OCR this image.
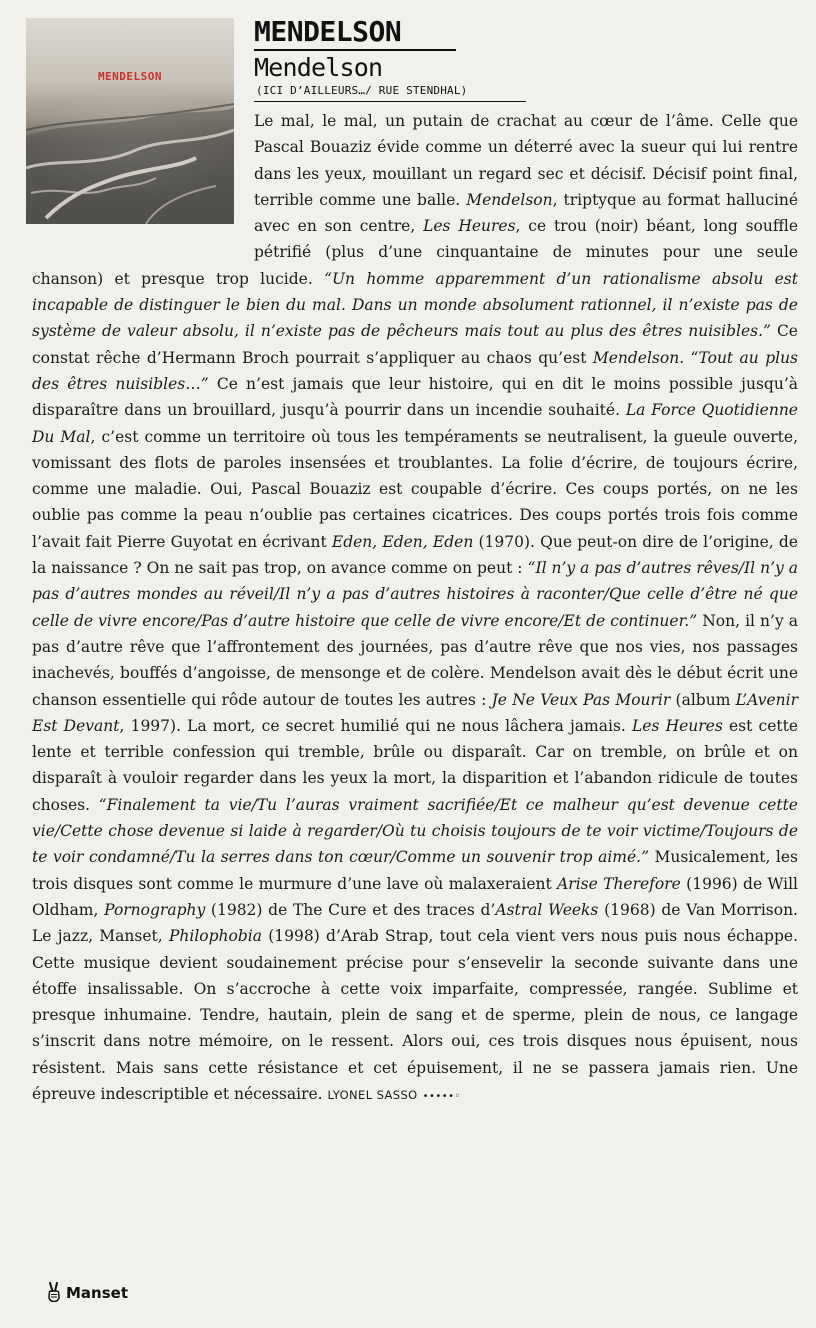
MENDELSON
MENDELSON
Mendelson
(ICI D’AILLEURS…/ RUE STENDHAL)
Le mal, le mal, un putain de crachat au cœur de l’âme. Celle que Pascal Bouaziz évide comme un déterré avec la sueur qui lui rentre dans les yeux, mouillant un regard sec et décisif. Décisif point final, terrible comme une balle. Mendelson, triptyque au format halluciné avec en son centre, Les Heures, ce trou (noir) béant, long souffle pétrifié (plus d’une cinquantaine de minutes pour une seule chanson) et presque trop lucide. “Un homme apparemment d’un rationalisme absolu est incapable de distinguer le bien du mal. Dans un monde absolument rationnel, il n’existe pas de système de valeur absolu, il n’existe pas de pêcheurs mais tout au plus des êtres nuisibles.” Ce constat rêche d’Hermann Broch pourrait s’appliquer au chaos qu’est Mendelson. “Tout au plus des êtres nuisibles…” Ce n’est jamais que leur histoire, qui en dit le moins possible jusqu’à disparaître dans un brouillard, jusqu’à pourrir dans un incendie souhaité. La Force Quotidienne Du Mal, c’est comme un territoire où tous les tempéraments se neutralisent, la gueule ouverte, vomissant des flots de paroles insensées et troublantes. La folie d’écrire, de toujours écrire, comme une maladie. Oui, Pascal Bouaziz est coupable d’écrire. Ces coups portés, on ne les oublie pas comme la peau n’oublie pas certaines cicatrices. Des coups portés trois fois comme l’avait fait Pierre Guyotat en écrivant Eden, Eden, Eden (1970). Que peut-on dire de l’origine, de la naissance ? On ne sait pas trop, on avance comme on peut : “Il n’y a pas d’autres rêves/Il n’y a pas d’autres mondes au réveil/Il n’y a pas d’autres histoires à raconter/Que celle d’être né que celle de vivre encore/Pas d’autre histoire que celle de vivre encore/Et de continuer.” Non, il n’y a pas d’autre rêve que l’affrontement des journées, pas d’autre rêve que nos vies, nos passages inachevés, bouffés d’angoisse, de mensonge et de colère. Mendelson avait dès le début écrit une chanson essentielle qui rôde autour de toutes les autres : Je Ne Veux Pas Mourir (album L’Avenir Est Devant, 1997). La mort, ce secret humilié qui ne nous lâchera jamais. Les Heures est cette lente et terrible confession qui tremble, brûle ou disparaît. Car on tremble, on brûle et on disparaît à vouloir regarder dans les yeux la mort, la disparition et l’abandon ridicule de toutes choses. “Finalement ta vie/Tu l’auras vraiment sacrifiée/Et ce malheur qu’est devenue cette vie/Cette chose devenue si laide à regarder/Où tu choisis toujours de te voir victime/Toujours de te voir condamné/Tu la serres dans ton cœur/Comme un souvenir trop aimé.” Musicalement, les trois disques sont comme le murmure d’une lave où malaxeraient Arise Therefore (1996) de Will Oldham, Pornography (1982) de The Cure et des traces d’Astral Weeks (1968) de Van Morrison. Le jazz, Manset, Philophobia (1998) d’Arab Strap, tout cela vient vers nous puis nous échappe. Cette musique devient soudainement précise pour s’ensevelir la seconde suivante dans une étoffe insalissable. On s’accroche à cette voix imparfaite, compressée, rangée. Sublime et presque inhumaine. Tendre, hautain, plein de sang et de sperme, plein de nous, ce langage s’inscrit dans notre mémoire, on le ressent. Alors oui, ces trois disques nous épuisent, nous résistent. Mais sans cette résistance et cet épuisement, il ne se passera jamais rien. Une épreuve indescriptible et nécessaire. LYONEL SASSO •••••◦
Manset
